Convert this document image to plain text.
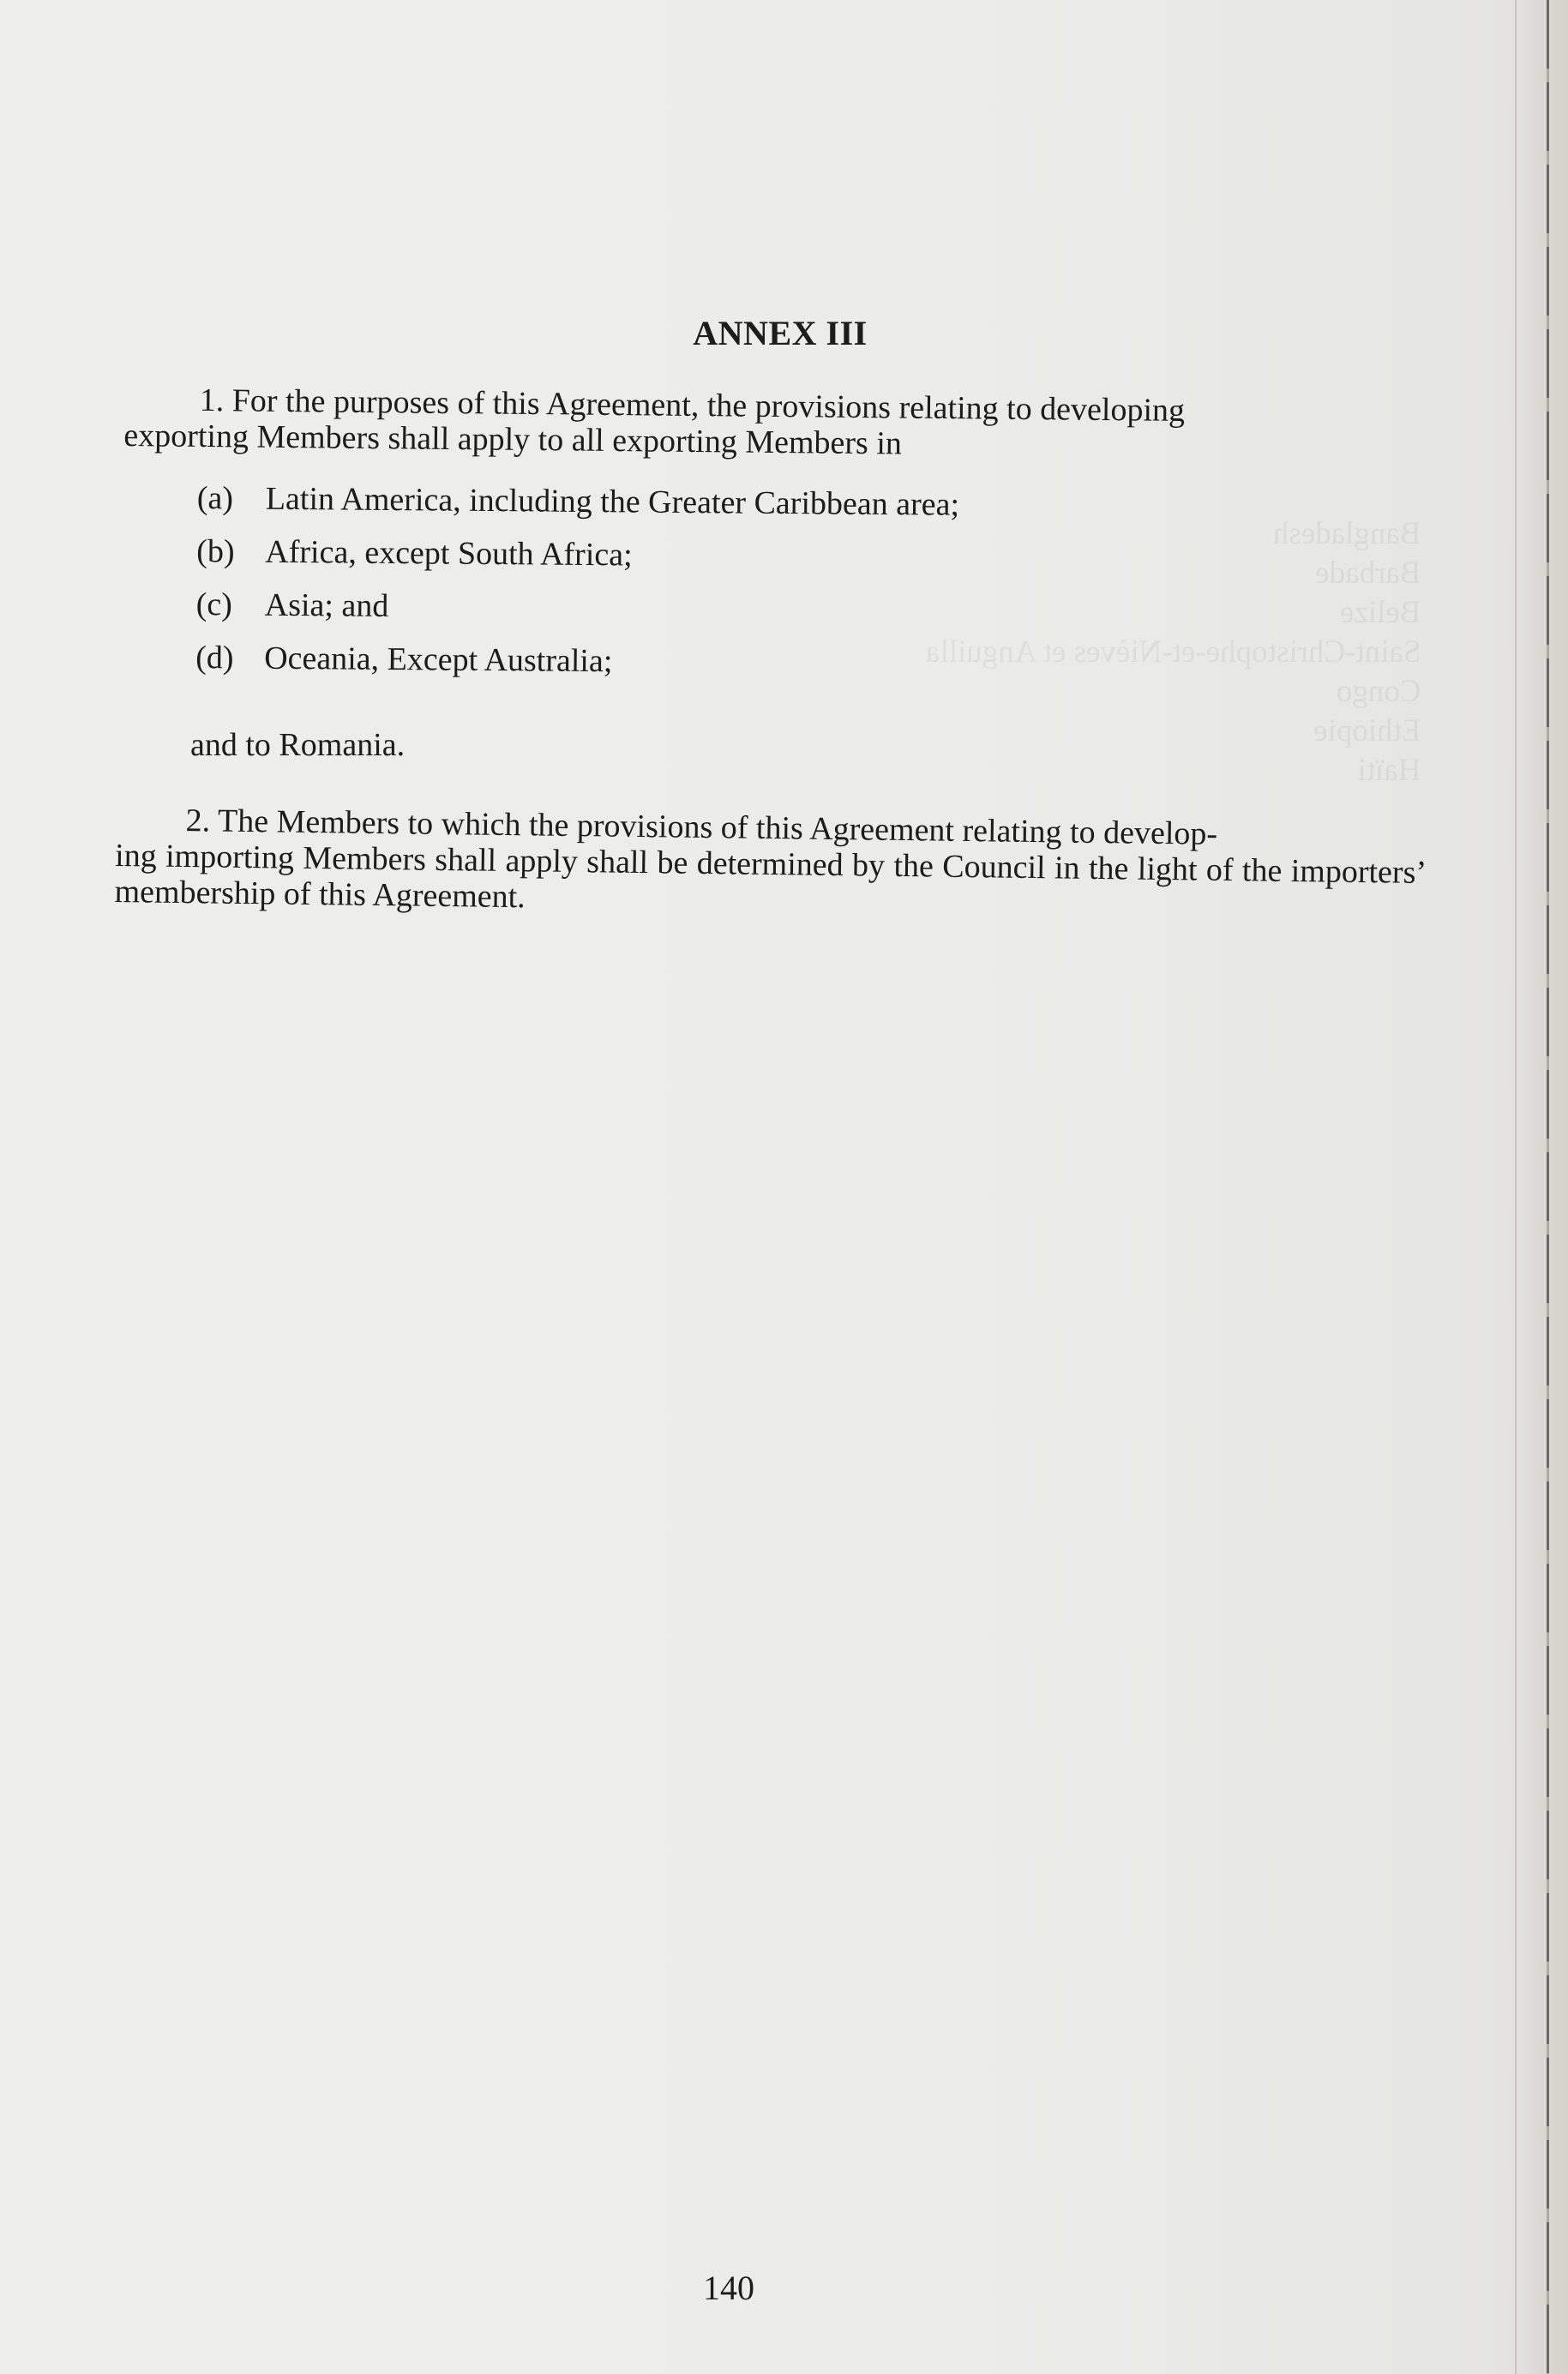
Bangladesh
Barbade
Belize
Saint-Christophe-et-Nièves et Anguilla
Congo
Ethiopie
Haïti
ANNEX III
1. For the purposes of this Agreement, the provisions relating to developing
exporting Members shall apply to all exporting Members in
(a) Latin America, including the Greater Caribbean area;
(b) Africa, except South Africa;
(c) Asia; and
(d) Oceania, Except Australia;
and to Romania.
2. The Members to which the provisions of this Agreement relating to develop-
ing importing Members shall apply shall be determined by the Council in the light of the importers’ membership of this Agreement.
140
